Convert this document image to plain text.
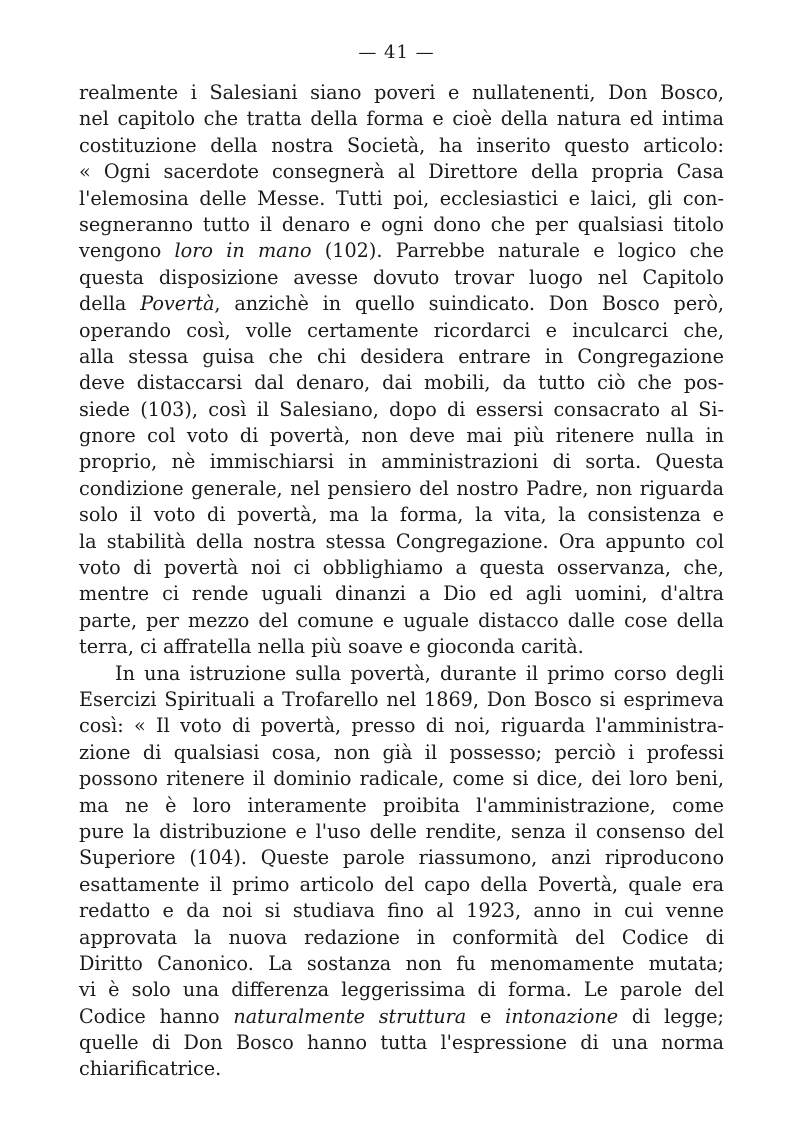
— 41 —
realmente i Salesiani siano poveri e nullatenenti, Don Bosco,
nel capitolo che tratta della forma e cioè della natura ed intima
costituzione della nostra Società, ha inserito questo articolo:
« Ogni sacerdote consegnerà al Direttore della propria Casa
l'elemosina delle Messe. Tutti poi, ecclesiastici e laici, gli con-
segneranno tutto il denaro e ogni dono che per qualsiasi titolo
vengono loro in mano (102). Parrebbe naturale e logico che
questa disposizione avesse dovuto trovar luogo nel Capitolo
della Povertà, anzichè in quello suindicato. Don Bosco però,
operando così, volle certamente ricordarci e inculcarci che,
alla stessa guisa che chi desidera entrare in Congregazione
deve distaccarsi dal denaro, dai mobili, da tutto ciò che pos-
siede (103), così il Salesiano, dopo di essersi consacrato al Si-
gnore col voto di povertà, non deve mai più ritenere nulla in
proprio, nè immischiarsi in amministrazioni di sorta. Questa
condizione generale, nel pensiero del nostro Padre, non riguarda
solo il voto di povertà, ma la forma, la vita, la consistenza e
la stabilità della nostra stessa Congregazione. Ora appunto col
voto di povertà noi ci obblighiamo a questa osservanza, che,
mentre ci rende uguali dinanzi a Dio ed agli uomini, d'altra
parte, per mezzo del comune e uguale distacco dalle cose della
terra, ci affratella nella più soave e gioconda carità.
In una istruzione sulla povertà, durante il primo corso degli
Esercizi Spirituali a Trofarello nel 1869, Don Bosco si esprimeva
così: « Il voto di povertà, presso di noi, riguarda l'amministra-
zione di qualsiasi cosa, non già il possesso; perciò i professi
possono ritenere il dominio radicale, come si dice, dei loro beni,
ma ne è loro interamente proibita l'amministrazione, come
pure la distribuzione e l'uso delle rendite, senza il consenso del
Superiore (104). Queste parole riassumono, anzi riproducono
esattamente il primo articolo del capo della Povertà, quale era
redatto e da noi si studiava fino al 1923, anno in cui venne
approvata la nuova redazione in conformità del Codice di
Diritto Canonico. La sostanza non fu menomamente mutata;
vi è solo una differenza leggerissima di forma. Le parole del
Codice hanno naturalmente struttura e intonazione di legge;
quelle di Don Bosco hanno tutta l'espressione di una norma
chiarificatrice.
